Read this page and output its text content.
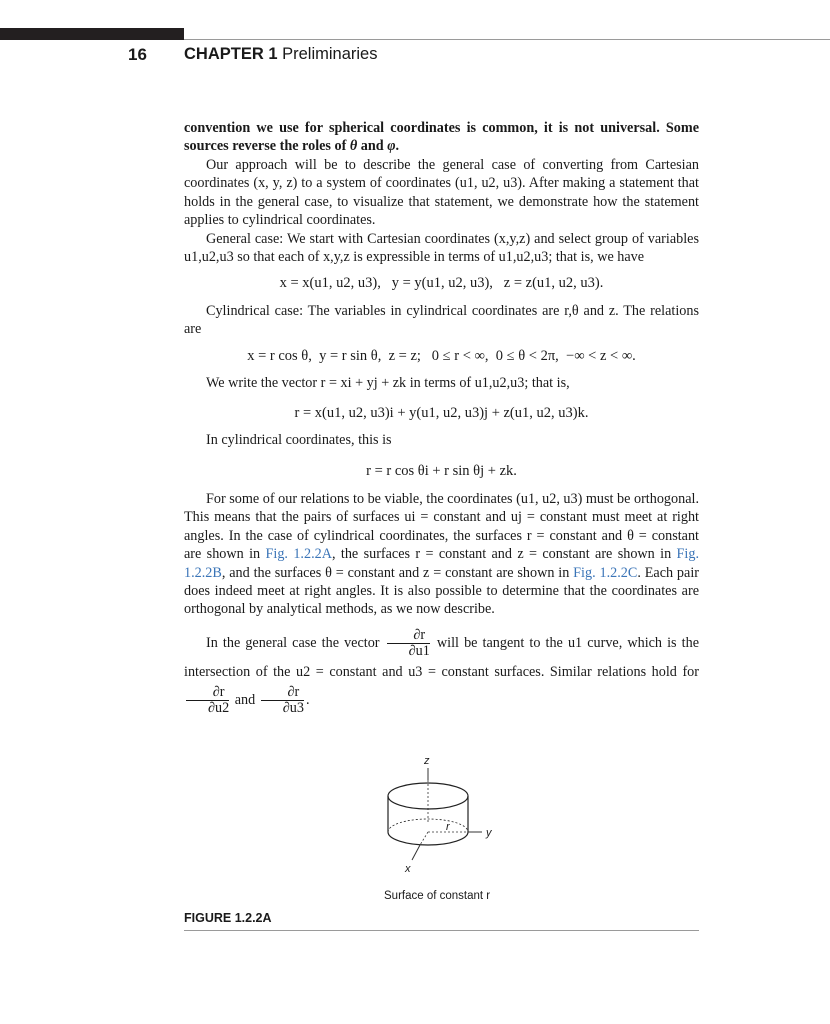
16 CHAPTER 1 Preliminaries

convention we use for spherical coordinates is common, it is not universal. Some sources reverse the roles of θ and φ.

Our approach will be to describe the general case of converting from Cartesian coordinates (x, y, z) to a system of coordinates (u1, u2, u3). After making a statement that holds in the general case, to visualize that statement, we demonstrate how the statement applies to cylindrical coordinates.

General case: We start with Cartesian coordinates (x,y,z) and select group of variables u1,u2,u3 so that each of x,y,z is expressible in terms of u1,u2,u3; that is, we have

x = x(u1, u2, u3),   y = y(u1, u2, u3),   z = z(u1, u2, u3).

Cylindrical case: The variables in cylindrical coordinates are r,θ and z. The relations are

x = r cos θ,  y = r sin θ,  z = z;   0 ≤ r < ∞,  0 ≤ θ < 2π,  −∞ < z < ∞.

We write the vector r = xi + yj + zk in terms of u1,u2,u3; that is,

r = x(u1, u2, u3)i + y(u1, u2, u3)j + z(u1, u2, u3)k.

In cylindrical coordinates, this is

r = r cos θi + r sin θj + zk.

For some of our relations to be viable, the coordinates (u1, u2, u3) must be orthogonal. This means that the pairs of surfaces ui = constant and uj = constant must meet at right angles. In the case of cylindrical coordinates, the surfaces r = constant and θ = constant are shown in Fig. 1.2.2A, the surfaces r = constant and z = constant are shown in Fig. 1.2.2B, and the surfaces θ = constant and z = constant are shown in Fig. 1.2.2C. Each pair does indeed meet at right angles. It is also possible to determine that the coordinates are orthogonal by analytical methods, as we now describe.

In the general case the vector $\frac{\partial r}{\partial u1}$ will be tangent to the u1 curve, which is the intersection of the u2 = constant and u3 = constant surfaces. Similar relations hold for
$\frac{\partial r}{\partial u2}$ and $\frac{\partial r}{\partial u3}$ .

z
r	y
x
Surface of constant r
FIGURE 1.2.2A
